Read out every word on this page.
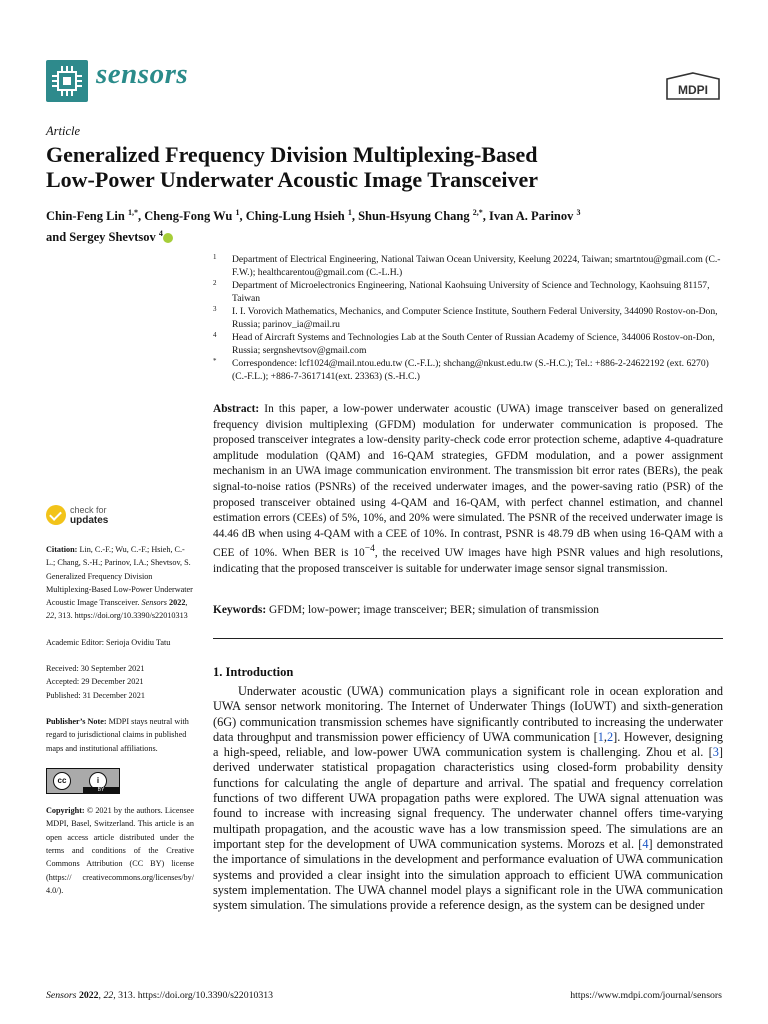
sensors	MDPI
Article
Generalized Frequency Division Multiplexing-Based
Low-Power Underwater Acoustic Image Transceiver
Chin-Feng Lin $^{1,*}$, Cheng-Fong Wu $^1$, Ching-Lung Hsieh $^1$, Shun-Hsyung Chang $^{2,*}$, Ivan A. Parinov $^3$
and Sergey Shevtsov $^4$

1 Department of Electrical Engineering, National Taiwan Ocean University, Keelung 20224, Taiwan; smartntou@gmail.com (C.-F.W.); healthcarentou@gmail.com (C.-L.H.)

2 Department of Microelectronics Engineering, National Kaohsuing University of Science and Technology, Kaohsuing 81157, Taiwan

3 I. I. Vorovich Mathematics, Mechanics, and Computer Science Institute, Southern Federal University, 344090 Rostov-on-Don, Russia; parinov_ia@mail.ru

4 Head of Aircraft Systems and Technologies Lab at the South Center of Russian Academy of Science, 344006 Rostov-on-Don, Russia; sergnshevtsov@gmail.com

* Correspondence: lcf1024@mail.ntou.edu.tw (C.-F.L.); shchang@nkust.edu.tw (S.-H.C.); Tel.: +886-2-24622192 (ext. 6270) (C.-F.L.); +886-7-3617141(ext. 23363) (S.-H.C.)

check for
updates

Citation: Lin, C.-F.; Wu, C.-F.; Hsieh, C.-L.; Chang, S.-H.; Parinov, I.A.; Shevtsov, S. Generalized Frequency Division Multiplexing-Based Low-Power Underwater Acoustic Image Transceiver. Sensors 2022, 22, 313. https://doi.org/10.3390/s22010313

Academic Editor: Serioja Ovidiu Tatu

Received: 30 September 2021
Accepted: 29 December 2021
Published: 31 December 2021

Publisher’s Note: MDPI stays neutral with regard to jurisdictional claims in published maps and institutional affiliations.

cc	i
BY

Copyright: © 2021 by the authors. Licensee MDPI, Basel, Switzerland. This article is an open access article distributed under the terms and conditions of the Creative Commons Attribution (CC BY) license (https:// creativecommons.org/licenses/by/ 4.0/).

Abstract: In this paper, a low-power underwater acoustic (UWA) image transceiver based on generalized frequency division multiplexing (GFDM) modulation for underwater communication is proposed. The proposed transceiver integrates a low-density parity-check code error protection scheme, adaptive 4-quadrature amplitude modulation (QAM) and 16-QAM strategies, GFDM modulation, and a power assignment mechanism in an UWA image communication environment. The transmission bit error rates (BERs), the peak signal-to-noise ratios (PSNRs) of the received underwater images, and the power-saving ratio (PSR) of the proposed transceiver obtained using 4-QAM and 16-QAM, with perfect channel estimation, and channel estimation errors (CEEs) of 5%, 10%, and 20% were simulated. The PSNR of the received underwater image is 44.46 dB when using 4-QAM with a CEE of 10%. In contrast, PSNR is 48.79 dB when using 16-QAM with a CEE of 10%. When BER is $10^{-4}$, the received UW images have high PSNR values and high resolutions, indicating that the proposed transceiver is suitable for underwater image sensor signal transmission.
Keywords: GFDM; low-power; image transceiver; BER; simulation of transmission
1. Introduction
Underwater acoustic (UWA) communication plays a significant role in ocean exploration and UWA sensor network monitoring. The Internet of Underwater Things (IoUWT) and sixth-generation (6G) communication transmission schemes have significantly contributed to increasing the underwater data throughput and transmission power efficiency of UWA communication [1,2]. However, designing a high-speed, reliable, and low-power UWA communication system is challenging. Zhou et al. [3] derived underwater statistical propagation characteristics using closed-form probability density functions for calculating the angle of departure and arrival. The spatial and frequency correlation functions of two different UWA propagation paths were explored. The UWA signal attenuation was found to increase with increasing signal frequency. The underwater channel offers time-varying multipath propagation, and the acoustic wave has a low transmission speed. The simulations are an important step for the development of UWA communication systems. Morozs et al. [4] demonstrated the importance of simulations in the development and performance evaluation of UWA communication systems and provided a clear insight into the simulation approach to efficient UWA communication system implementation. The UWA channel model plays a significant role in the UWA communication system simulation. The simulations provide a reference design, as the system can be designed under
Sensors 2022, 22, 313. https://doi.org/10.3390/s22010313	https://www.mdpi.com/journal/sensors
